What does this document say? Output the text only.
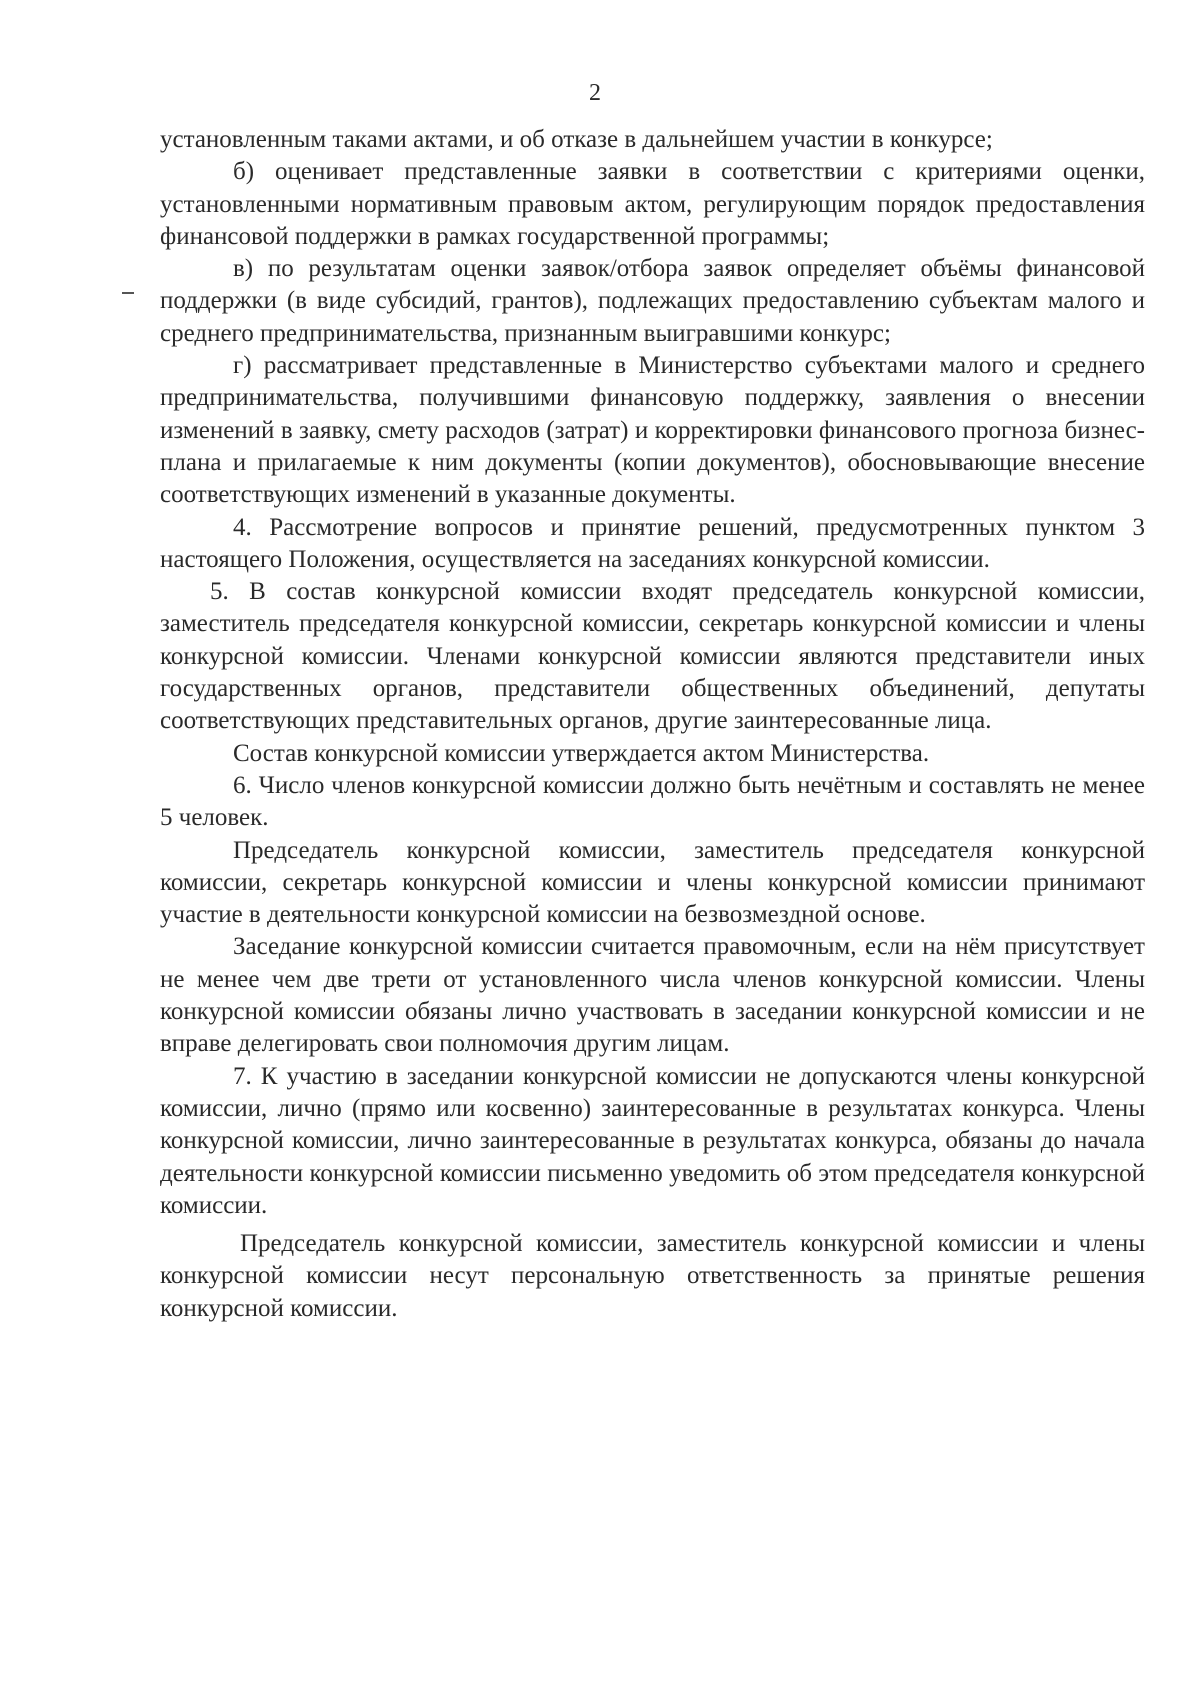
2

установленным таками актами, и об отказе в дальнейшем участии в конкурсе;

б) оценивает представленные заявки в соответствии с критериями оценки, установленными нормативным правовым актом, регулирующим порядок предоставления финансовой поддержки в рамках государственной программы;

в) по результатам оценки заявок/отбора заявок определяет объёмы финансовой поддержки (в виде субсидий, грантов), подлежащих предоставлению субъектам малого и среднего предпринимательства, признанным выигравшими конкурс;

г) рассматривает представленные в Министерство субъектами малого и среднего предпринимательства, получившими финансовую поддержку, заявления о внесении изменений в заявку, смету расходов (затрат) и корректировки финансового прогноза бизнес-плана и прилагаемые к ним документы (копии документов), обосновывающие внесение соответствующих изменений в указанные документы.

4. Рассмотрение вопросов и принятие решений, предусмотренных пунктом 3 настоящего Положения, осуществляется на заседаниях конкурсной комиссии.

5. В состав конкурсной комиссии входят председатель конкурсной комиссии, заместитель председателя конкурсной комиссии, секретарь конкурсной комиссии и члены конкурсной комиссии. Членами конкурсной комиссии являются представители иных государственных органов, представители общественных объединений, депутаты соответствующих представительных органов, другие заинтересованные лица.

Состав конкурсной комиссии утверждается актом Министерства.

6. Число членов конкурсной комиссии должно быть нечётным и составлять не менее 5 человек.

Председатель конкурсной комиссии, заместитель председателя конкурсной комиссии, секретарь конкурсной комиссии и члены конкурсной комиссии принимают участие в деятельности конкурсной комиссии на безвозмездной основе.

Заседание конкурсной комиссии считается правомочным, если на нём присутствует не менее чем две трети от установленного числа членов конкурсной комиссии. Члены конкурсной комиссии обязаны лично участвовать в заседании конкурсной комиссии и не вправе делегировать свои полномочия другим лицам.

7. К участию в заседании конкурсной комиссии не допускаются члены конкурсной комиссии, лично (прямо или косвенно) заинтересованные в результатах конкурса. Члены конкурсной комиссии, лично заинтересованные в результатах конкурса, обязаны до начала деятельности конкурсной комиссии письменно уведомить об этом председателя конкурсной комиссии.

Председатель конкурсной комиссии, заместитель конкурсной комиссии и члены конкурсной комиссии несут персональную ответственность за принятые решения конкурсной комиссии.
